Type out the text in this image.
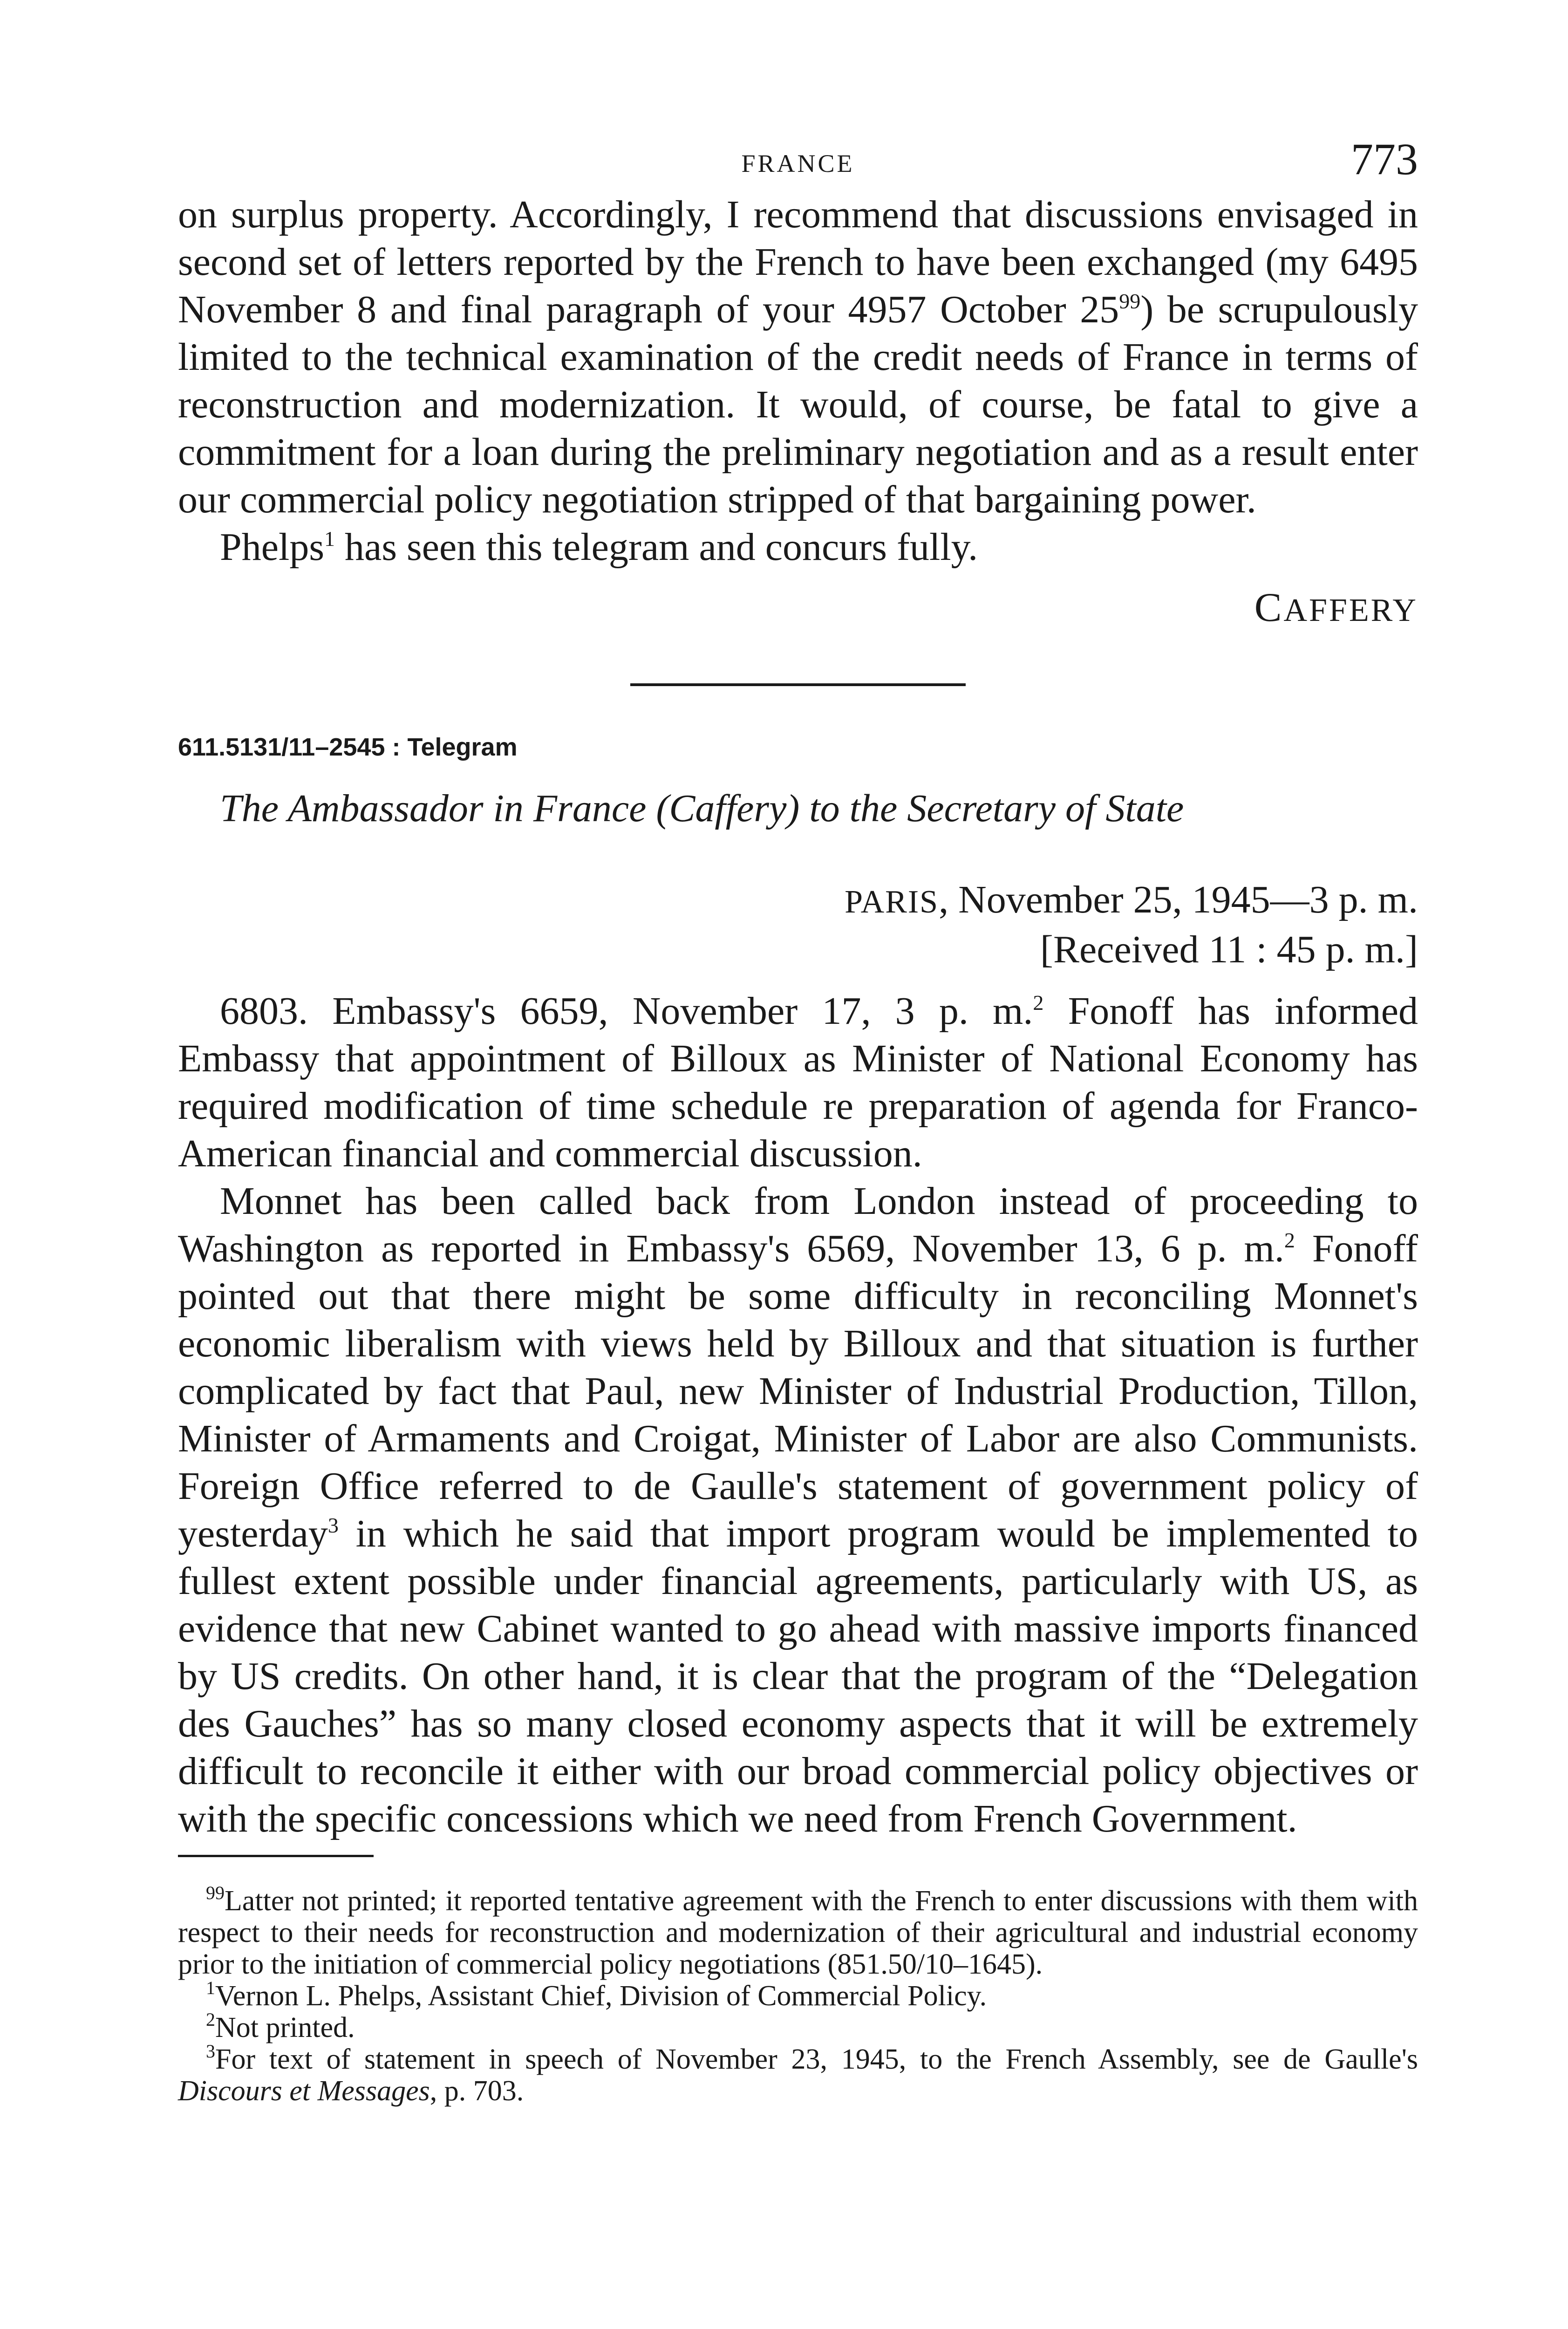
FRANCE	773

on surplus property. Accordingly, I recommend that discussions envisaged in second set of letters reported by the French to have been exchanged (my 6495 November 8 and final paragraph of your 4957 October $25^{99}$) be scrupulously limited to the technical examination of the credit needs of France in terms of reconstruction and modernization. It would, of course, be fatal to give a commitment for a loan during the preliminary negotiation and as a result enter our commercial policy negotiation stripped of that bargaining power.

Phelps$^1$ has seen this telegram and concurs fully.

CAFFERY
611.5131/11–2545 : Telegram
The Ambassador in France (Caffery) to the Secretary of State
PARIS, November 25, 1945—3 p. m.
[Received 11 : 45 p. m.]

6803. Embassy's 6659, November 17, 3 p. m.$^2$ Fonoff has informed Embassy that appointment of Billoux as Minister of National Economy has required modification of time schedule re preparation of agenda for Franco-American financial and commercial discussion.

Monnet has been called back from London instead of proceeding to Washington as reported in Embassy's 6569, November 13, 6 p. m.$^2$ Fonoff pointed out that there might be some difficulty in reconciling Monnet's economic liberalism with views held by Billoux and that situation is further complicated by fact that Paul, new Minister of Industrial Production, Tillon, Minister of Armaments and Croigat, Minister of Labor are also Communists. Foreign Office referred to de Gaulle's statement of government policy of yesterday$^3$ in which he said that import program would be implemented to fullest extent possible under financial agreements, particularly with US, as evidence that new Cabinet wanted to go ahead with massive imports financed by US credits. On other hand, it is clear that the program of the “Delegation des Gauches” has so many closed economy aspects that it will be extremely difficult to reconcile it either with our broad commercial policy objectives or with the specific concessions which we need from French Government.

$^{99}$Latter not printed; it reported tentative agreement with the French to enter discussions with them with respect to their needs for reconstruction and modernization of their agricultural and industrial economy prior to the initiation of commercial policy negotiations (851.50/10–1645).

$^1$Vernon L. Phelps, Assistant Chief, Division of Commercial Policy.

$^2$Not printed.

$^3$For text of statement in speech of November 23, 1945, to the French Assembly, see de Gaulle's Discours et Messages, p. 703.
